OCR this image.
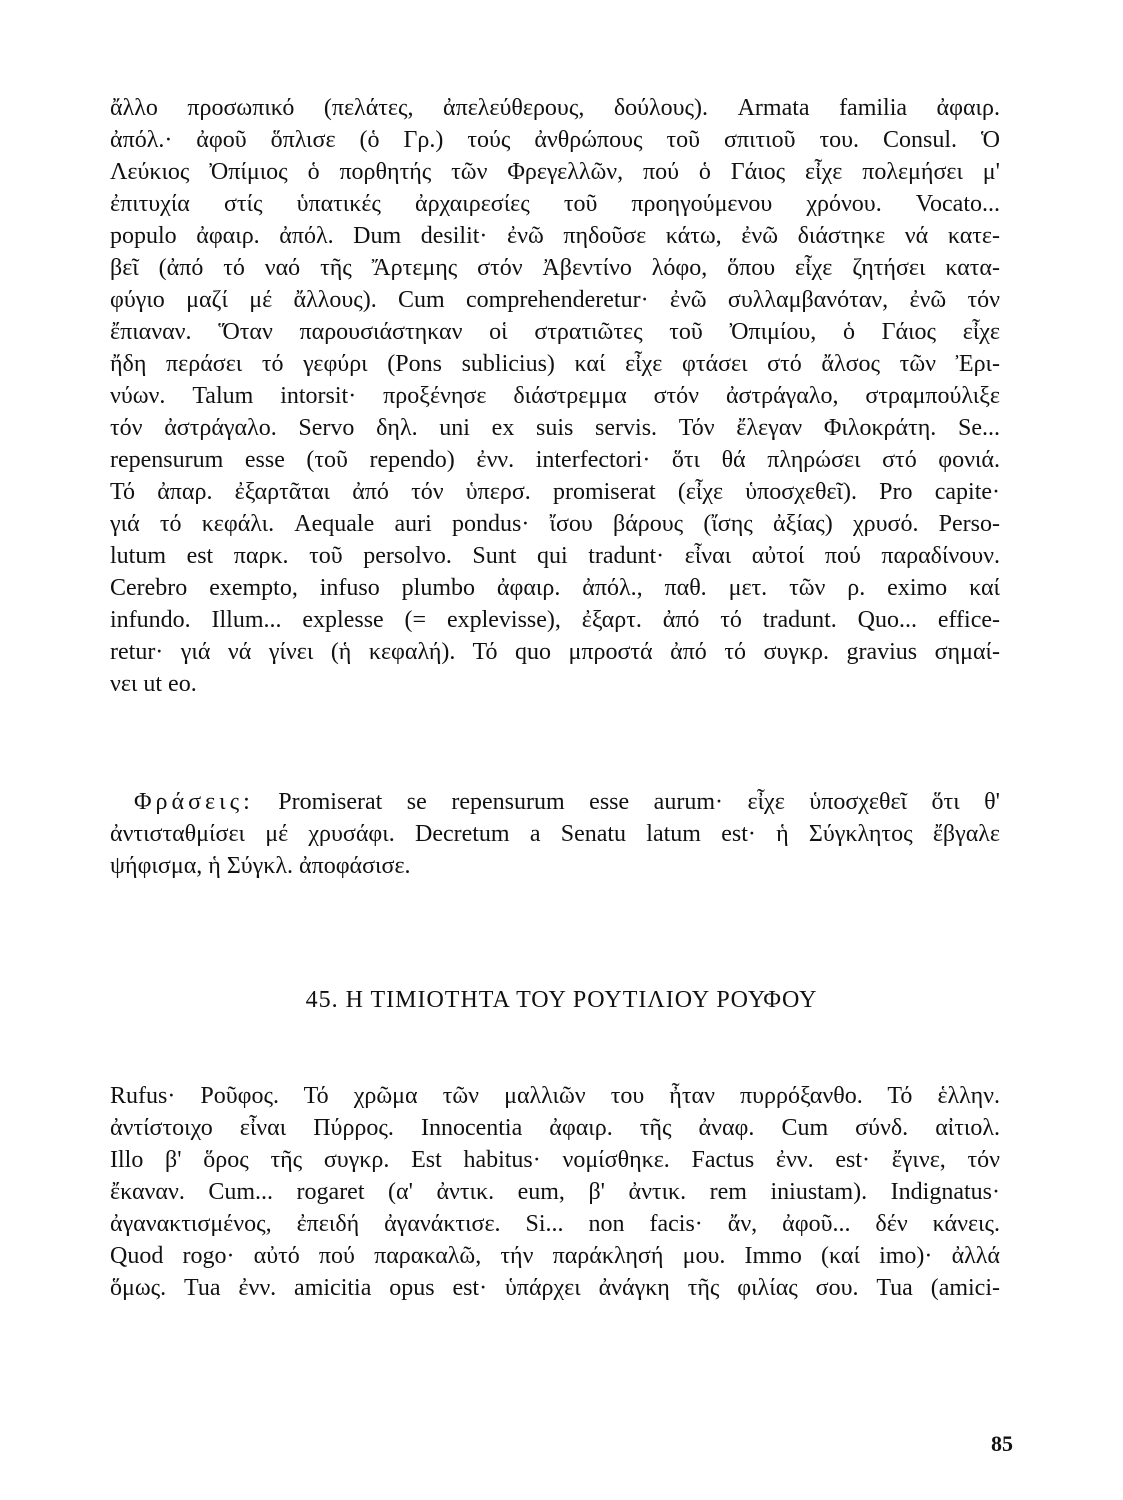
ἄλλο προσωπικό (πελάτες, ἀπελεύθερους, δούλους). Armata familia ἀφαιρ.
ἀπόλ.· ἀφοῦ ὅπλισε (ὁ Γρ.) τούς ἀνθρώπους τοῦ σπιτιοῦ του. Consul. Ὁ
Λεύκιος Ὀπίμιος ὁ πορθητής τῶν Φρεγελλῶν, πού ὁ Γάιος εἶχε πολεμήσει μ'
ἐπιτυχία στίς ὑπατικές ἀρχαιρεσίες τοῦ προηγούμενου χρόνου. Vocato...
populo ἀφαιρ. ἀπόλ. Dum desilit· ἐνῶ πηδοῦσε κάτω, ἐνῶ διάστηκε νά κατε-
βεῖ (ἀπό τό ναό τῆς Ἄρτεμης στόν Ἀβεντίνο λόφο, ὅπου εἶχε ζητήσει κατα-
φύγιο μαζί μέ ἄλλους). Cum comprehenderetur· ἐνῶ συλλαμβανόταν, ἐνῶ τόν
ἔπιαναν. Ὅταν παρουσιάστηκαν οἱ στρατιῶτες τοῦ Ὀπιμίου, ὁ Γάιος εἶχε
ἤδη περάσει τό γεφύρι (Pons sublicius) καί εἶχε φτάσει στό ἄλσος τῶν Ἐρι-
νύων. Talum intorsit· προξένησε διάστρεμμα στόν ἀστράγαλο, στραμπούλιξε
τόν ἀστράγαλο. Servo δηλ. uni ex suis servis. Τόν ἔλεγαν Φιλοκράτη. Se...
repensurum esse (τοῦ rependo) ἐνν. interfectori· ὅτι θά πληρώσει στό φονιά.
Τό ἀπαρ. ἐξαρτᾶται ἀπό τόν ὑπερσ. promiserat (εἶχε ὑποσχεθεῖ). Pro capite·
γιά τό κεφάλι. Aequale auri pondus· ἴσου βάρους (ἴσης ἀξίας) χρυσό. Perso-
lutum est παρκ. τοῦ persolvo. Sunt qui tradunt· εἶναι αὐτοί πού παραδίνουν.
Cerebro exempto, infuso plumbo ἀφαιρ. ἀπόλ., παθ. μετ. τῶν ρ. eximo καί
infundo. Illum... explesse (= explevisse), ἐξαρτ. ἀπό τό tradunt. Quo... efficе-
retur· γιά νά γίνει (ἡ κεφαλή). Τό quo μπροστά ἀπό τό συγκρ. gravius σημαί-
νει ut eo.
 Φράσεις: Promiserat se repensurum esse aurum· εἶχε ὑποσχεθεῖ ὅτι θ'
ἀντισταθμίσει μέ χρυσάφι. Decretum a Senatu latum est· ἡ Σύγκλητος ἔβγαλε
ψήφισμα, ἡ Σύγκλ. ἀποφάσισε.
45. Η ΤΙΜΙΟΤΗΤΑ ΤΟΥ ΡΟΥΤΙΛΙΟΥ ΡΟΥΦΟΥ
Rufus· Ροῦφος. Τό χρῶμα τῶν μαλλιῶν του ἦταν πυρρόξανθο. Τό ἑλλην.
ἀντίστοιχο εἶναι Πύρρος. Innocentia ἀφαιρ. τῆς ἀναφ. Cum σύνδ. αἰτιολ.
Illo β' ὅρος τῆς συγκρ. Est habitus· νομίσθηκε. Factus ἐνν. est· ἔγινε, τόν
ἔκαναν. Cum... rogaret (α' ἀντικ. eum, β' ἀντικ. rem iniustam). Indignatus·
ἀγανακτισμένος, ἐπειδή ἀγανάκτισε. Si... non facis· ἄν, ἀφοῦ... δέν κάνεις.
Quod rogo· αὐτό πού παρακαλῶ, τήν παράκλησή μου. Immo (καί imo)· ἀλλά
ὅμως. Tua ἐνν. amicitia opus est· ὑπάρχει ἀνάγκη τῆς φιλίας σου. Tua (amici-
85
